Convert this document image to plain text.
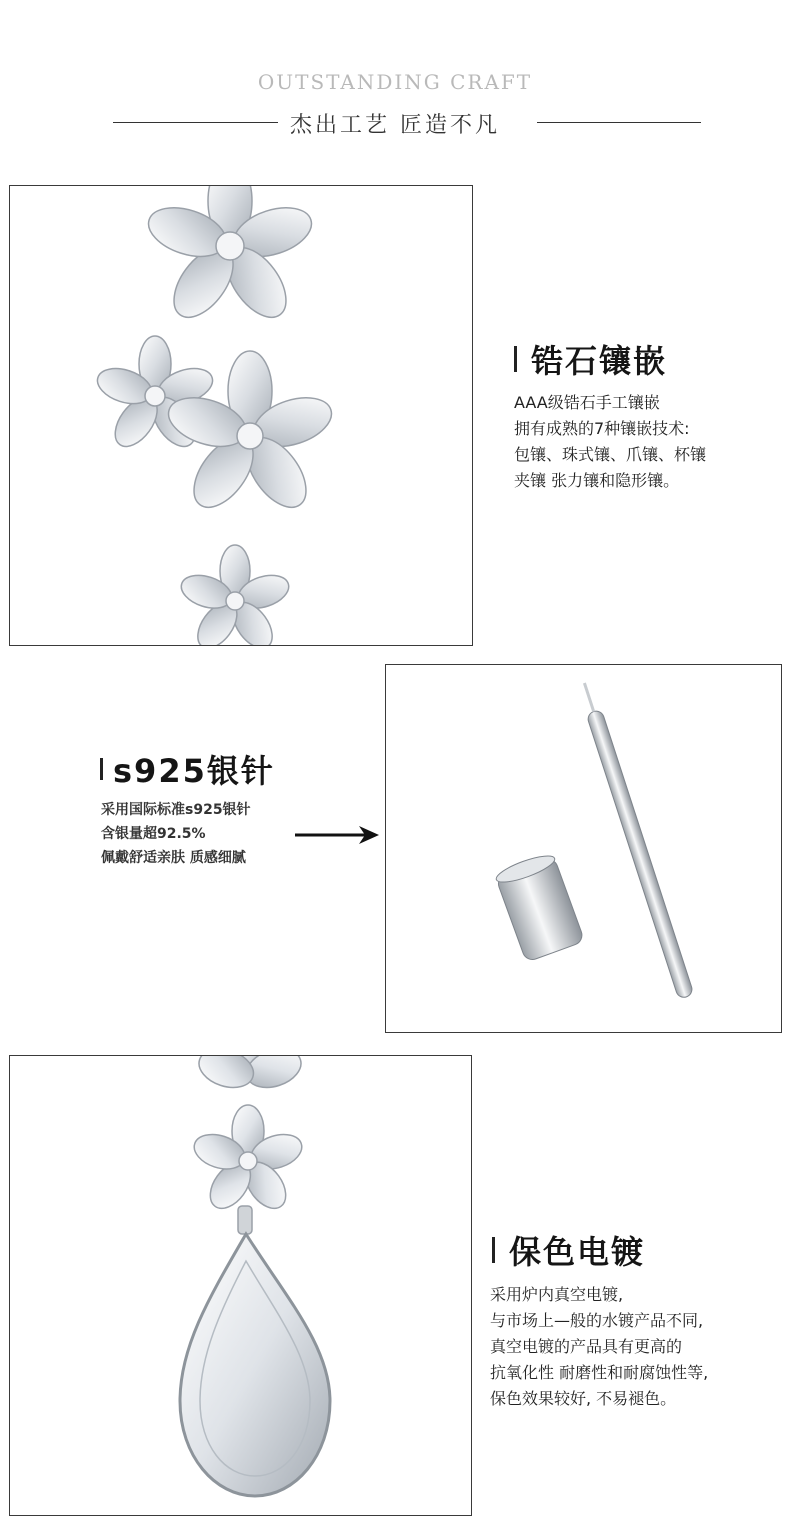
OUTSTANDING CRAFT
杰出工艺 匠造不凡
锆石镶嵌
AAA级锆石手工镶嵌
拥有成熟的7种镶嵌技术:
包镶、珠式镶、爪镶、杯镶
夹镶 张力镶和隐形镶。
s925银针
采用国际标准s925银针
含银量超92.5%
佩戴舒适亲肤 质感细腻
保色电镀
采用炉内真空电镀,
与市场上—般的水镀产品不同,
真空电镀的产品具有更高的
抗氧化性 耐磨性和耐腐蚀性等,
保色效果较好, 不易褪色。
